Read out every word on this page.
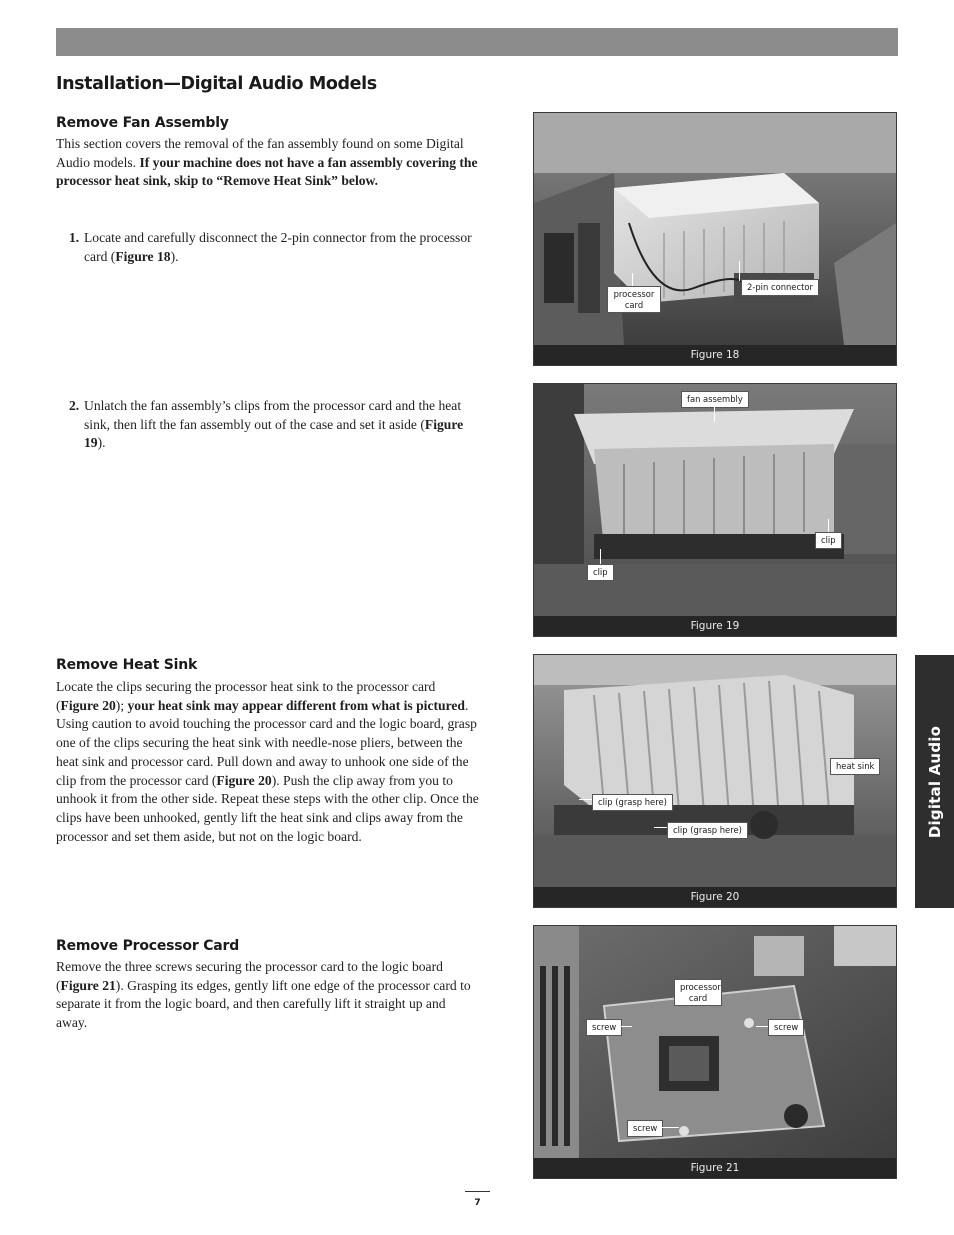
Installation—Digital Audio Models
Remove Fan Assembly

This section covers the removal of the fan assembly found on some Digital Audio models. If your machine does not have a fan assembly covering the processor heat sink, skip to “Remove Heat Sink” below.

1. Locate and carefully disconnect the 2-pin connector from the processor card (Figure 18).

2. Unlatch the fan assembly’s clips from the processor card and the heat sink, then lift the fan assembly out of the case and set it aside (Figure 19).

Remove Heat Sink

Locate the clips securing the processor heat sink to the processor card (Figure 20); your heat sink may appear different from what is pictured. Using caution to avoid touching the processor card and the logic board, grasp one of the clips securing the heat sink with needle-nose pliers, between the heat sink and processor card. Pull down and away to unhook one side of the clip from the processor card (Figure 20). Push the clip away from you to unhook it from the other side. Repeat these steps with the other clip. Once the clips have been unhooked, gently lift the heat sink and clips away from the processor and set them aside, but not on the logic board.

Remove Processor Card

Remove the three screws securing the processor card to the logic board (Figure 21). Grasping its edges, gently lift one edge of the processor card to separate it from the logic board, and then carefully lift it straight up and away.

Figure 18
processor card
2-pin connector
Figure 19
fan assembly
clip
clip
Figure 20
heat sink
clip (grasp here)
clip (grasp here)
Figure 21
processor card
screw	screw
screw
Digital Audio
7
